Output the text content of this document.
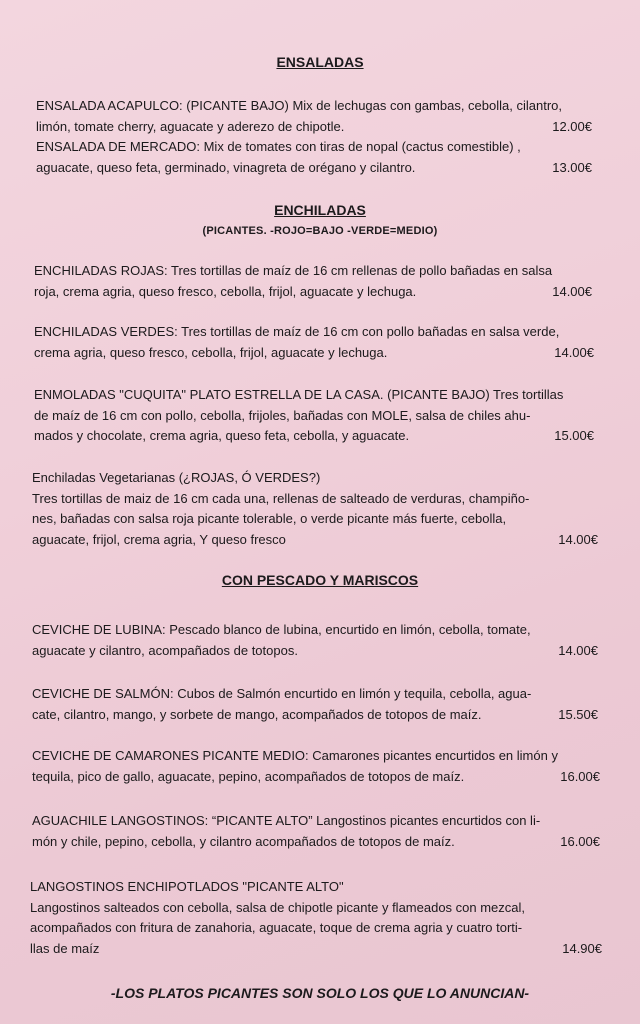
ENSALADAS
ENSALADA ACAPULCO: (PICANTE BAJO) Mix de lechugas con gambas, cebolla, cilantro,
limón, tomate cherry, aguacate y aderezo de chipotle.	12.00€
ENSALADA DE MERCADO: Mix de tomates con tiras de nopal (cactus comestible) ,
aguacate, queso feta, germinado, vinagreta de orégano y cilantro.	13.00€
ENCHILADAS
(PICANTES. -ROJO=BAJO -VERDE=MEDIO)
ENCHILADAS ROJAS: Tres tortillas de maíz de 16 cm rellenas de pollo bañadas en salsa
roja, crema agria, queso fresco, cebolla, frijol, aguacate y lechuga.	14.00€
ENCHILADAS VERDES: Tres tortillas de maíz de 16 cm con pollo bañadas en salsa verde,
crema agria, queso fresco, cebolla, frijol, aguacate y lechuga.	14.00€
ENMOLADAS "CUQUITA" PLATO ESTRELLA DE LA CASA. (PICANTE BAJO) Tres tortillas
de maíz de 16 cm con pollo, cebolla, frijoles, bañadas con MOLE, salsa de chiles ahu-
mados y chocolate, crema agria, queso feta, cebolla, y aguacate.	15.00€
Enchiladas Vegetarianas (¿ROJAS, Ó VERDES?)
Tres tortillas de maiz de 16 cm cada una, rellenas de salteado de verduras, champiño-
nes, bañadas con salsa roja picante tolerable, o verde picante más fuerte, cebolla,
aguacate, frijol, crema agria, Y queso fresco	14.00€
CON PESCADO Y MARISCOS
CEVICHE DE LUBINA: Pescado blanco de lubina, encurtido en limón, cebolla, tomate,
aguacate y cilantro, acompañados de totopos.	14.00€
CEVICHE DE SALMÓN: Cubos de Salmón encurtido en limón y tequila, cebolla, agua-
cate, cilantro, mango, y sorbete de mango, acompañados de totopos de maíz.	15.50€
CEVICHE DE CAMARONES PICANTE MEDIO: Camarones picantes encurtidos en limón y
tequila, pico de gallo, aguacate, pepino, acompañados de totopos de maíz.	16.00€
AGUACHILE LANGOSTINOS: “PICANTE ALTO” Langostinos picantes encurtidos con li-
món y chile, pepino, cebolla, y cilantro acompañados de totopos de maíz.	16.00€
LANGOSTINOS ENCHIPOTLADOS "PICANTE ALTO"
Langostinos salteados con cebolla, salsa de chipotle picante y flameados con mezcal,
acompañados con fritura de zanahoria, aguacate, toque de crema agria y cuatro torti-
llas de maíz	14.90€
-LOS PLATOS PICANTES SON SOLO LOS QUE LO ANUNCIAN-
